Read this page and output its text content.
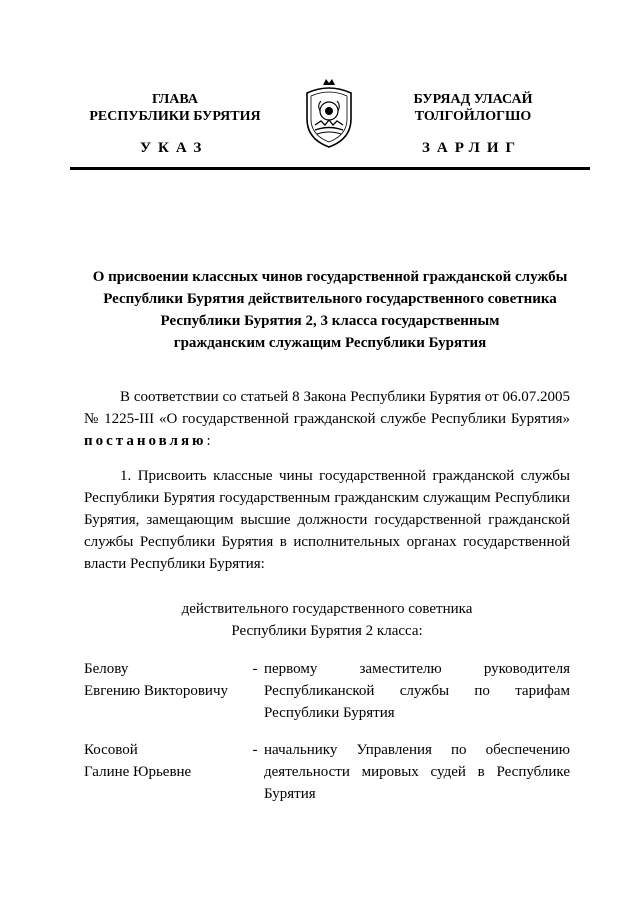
ГЛАВА
РЕСПУБЛИКИ БУРЯТИЯ
БУРЯАД УЛАСАЙ
ТОЛГОЙЛОГШО
УКАЗ	ЗАРЛИГ
О присвоении классных чинов государственной гражданской службы
Республики Бурятия действительного государственного советника
Республики Бурятия 2, 3 класса государственным
гражданским служащим Республики Бурятия
В соответствии со статьей 8 Закона Республики Бурятия от 06.07.2005 № 1225-III «О государственной гражданской службе Республики Бурятия» постановляю:
1. Присвоить классные чины государственной гражданской службы Республики Бурятия государственным гражданским служащим Республики Бурятия, замещающим высшие должности государственной гражданской службы Республики Бурятия в исполнительных органах государственной власти Республики Бурятия:
действительного государственного советника
Республики Бурятия 2 класса:
Белову
Евгению Викторовичу
- первому заместителю руководителя Республиканской службы по тарифам Республики Бурятия
Косовой
Галине Юрьевне
- начальнику Управления по обеспечению деятельности мировых судей в Республике Бурятия
